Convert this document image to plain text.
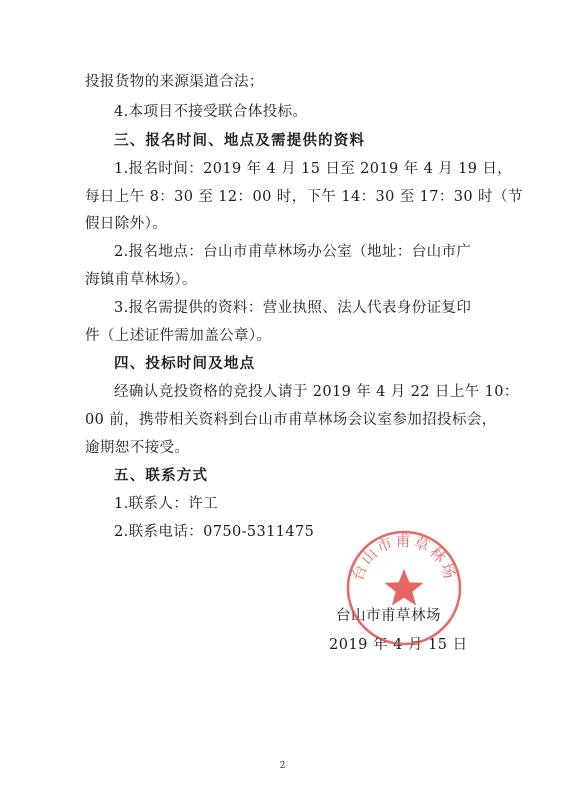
投报货物的来源渠道合法；
4.本项目不接受联合体投标。
三、报名时间、地点及需提供的资料
1.报名时间：2019 年 4 月 15 日至 2019 年 4 月 19 日，
每日上午 8：30 至 12：00 时，下午 14：30 至 17：30 时（节
假日除外）。
2.报名地点：台山市甫草林场办公室（地址：台山市广
海镇甫草林场）。
3.报名需提供的资料：营业执照、法人代表身份证复印
件（上述证件需加盖公章）。
四、投标时间及地点
经确认竞投资格的竞投人请于 2019 年 4 月 22 日上午 10：
00 前，携带相关资料到台山市甫草林场会议室参加招投标会，
逾期恕不接受。
五、联系方式
1.联系人：许工
2.联系电话：0750-5311475
台山市甫草林场
2019 年 4 月 15 日
台山市甫草林场
2
